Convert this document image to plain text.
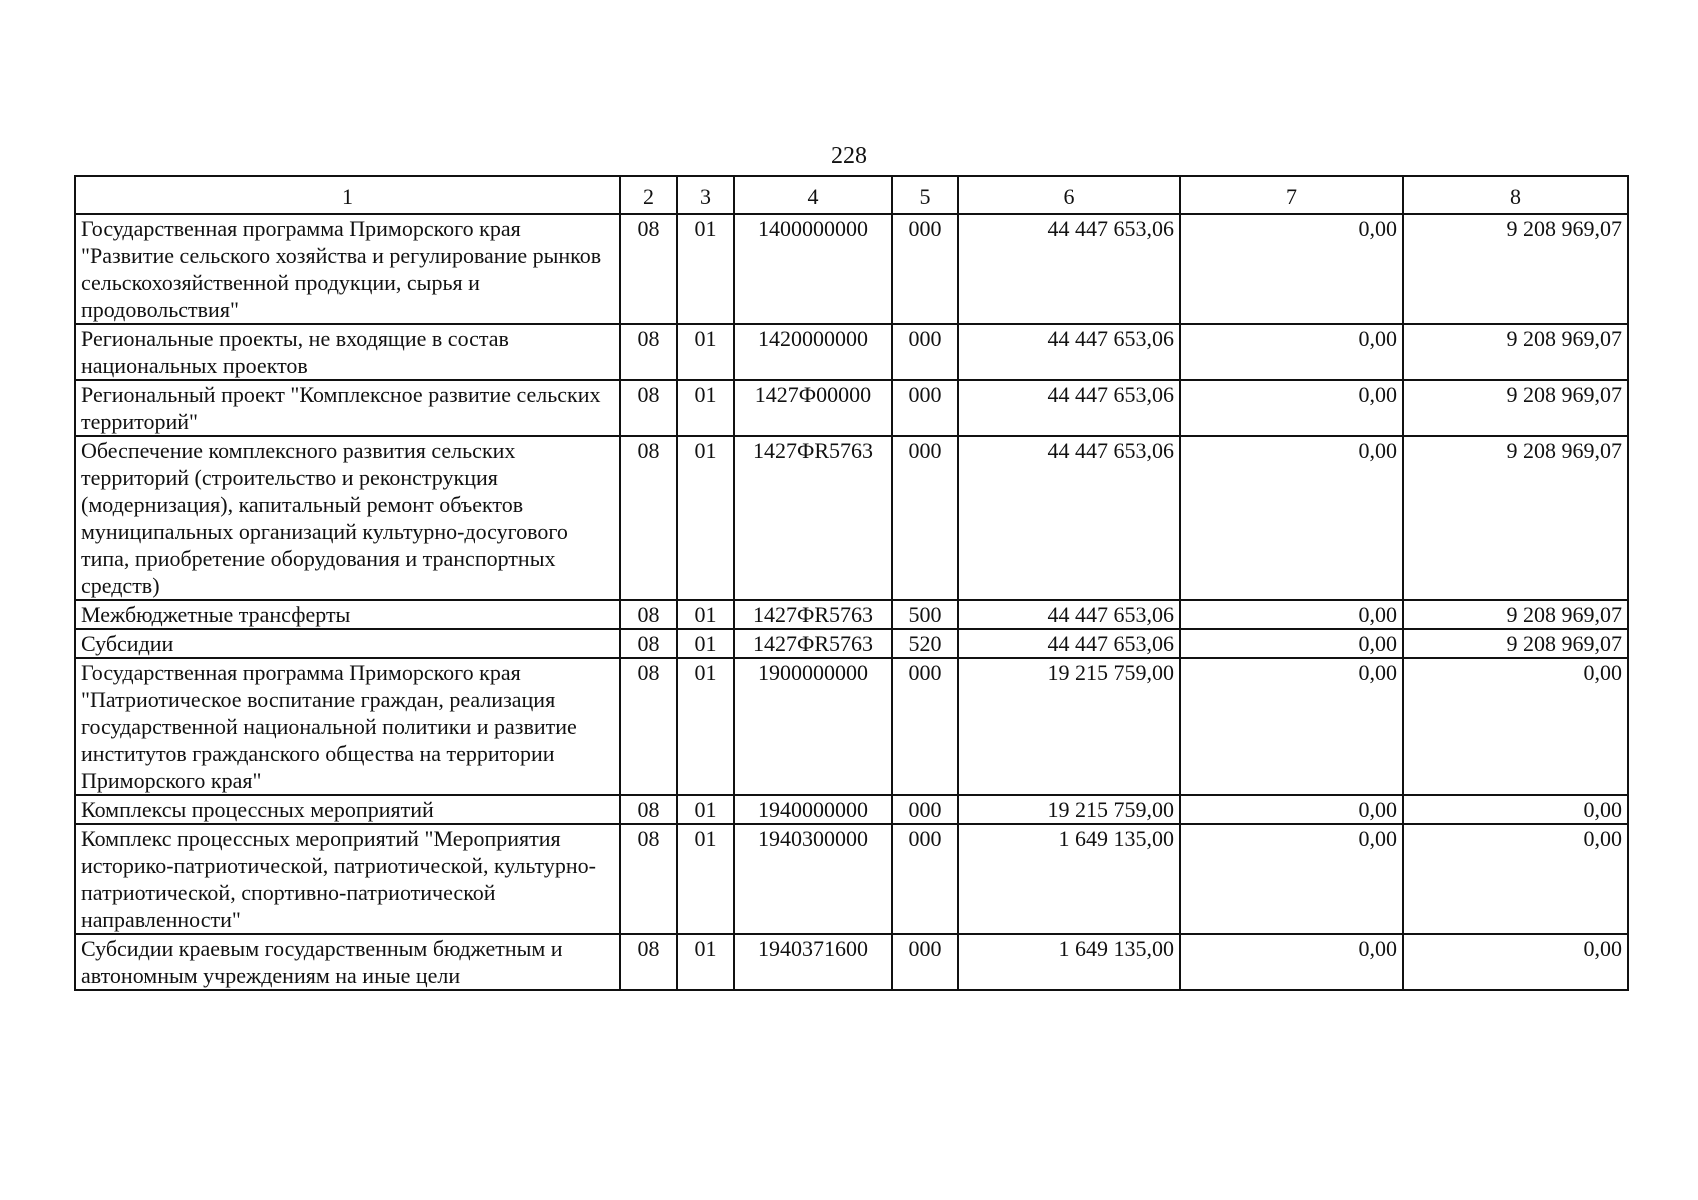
228
1	2	3	4	5	6	7	8
Государственная программа Приморского края "Развитие сельского хозяйства и регулирование рынков сельскохозяйственной продукции, сырья и продовольствия"	08	01	1400000000	000	44 447 653,06	0,00	9 208 969,07
Региональные проекты, не входящие в состав национальных проектов	08	01	1420000000	000	44 447 653,06	0,00	9 208 969,07
Региональный проект "Комплексное развитие сельских территорий"	08	01	1427Ф00000	000	44 447 653,06	0,00	9 208 969,07
Обеспечение комплексного развития сельских территорий (строительство и реконструкция (модернизация), капитальный ремонт объектов муниципальных организаций культурно-досугового типа, приобретение оборудования и транспортных средств)	08	01	1427ФR5763	000	44 447 653,06	0,00	9 208 969,07
Межбюджетные трансферты	08	01	1427ФR5763	500	44 447 653,06	0,00	9 208 969,07
Субсидии	08	01	1427ФR5763	520	44 447 653,06	0,00	9 208 969,07
Государственная программа Приморского края "Патриотическое воспитание граждан, реализация государственной национальной политики и развитие институтов гражданского общества на территории Приморского края"	08	01	1900000000	000	19 215 759,00	0,00	0,00
Комплексы процессных мероприятий	08	01	1940000000	000	19 215 759,00	0,00	0,00
Комплекс процессных мероприятий "Мероприятия историко-патриотической, патриотической, культурно-патриотической, спортивно-патриотической направленности"	08	01	1940300000	000	1 649 135,00	0,00	0,00
Субсидии краевым государственным бюджетным и автономным учреждениям на иные цели	08	01	1940371600	000	1 649 135,00	0,00	0,00
